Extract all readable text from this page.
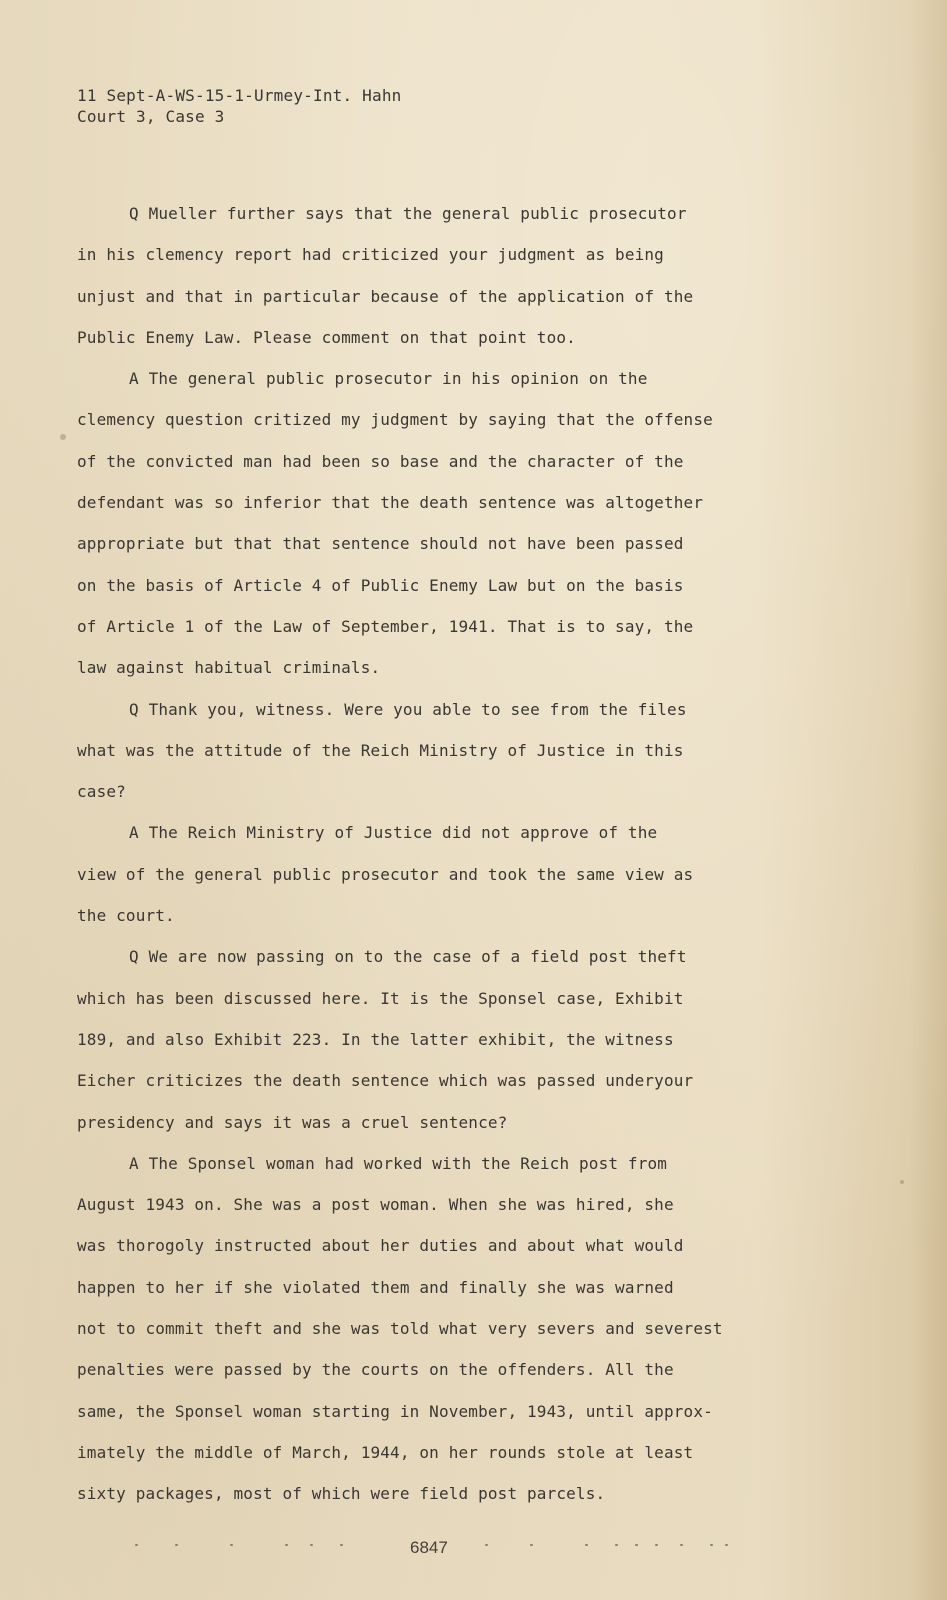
11 Sept-A-WS-15-1-Urmey-Int. Hahn
Court 3, Case 3
Q Mueller further says that the general public prosecutor
in his clemency report had criticized your judgment as being
unjust and that in particular because of the application of the
Public Enemy Law. Please comment on that point too.
A The general public prosecutor in his opinion on the
clemency question critized my judgment by saying that the offense
of the convicted man had been so base and the character of the
defendant was so inferior that the death sentence was altogether
appropriate but that that sentence should not have been passed
on the basis of Article 4 of Public Enemy Law but on the basis
of Article 1 of the Law of September, 1941. That is to say, the
law against habitual criminals.
Q Thank you, witness. Were you able to see from the files
what was the attitude of the Reich Ministry of Justice in this
case?
A The Reich Ministry of Justice did not approve of the
view of the general public prosecutor and took the same view as
the court.
Q We are now passing on to the case of a field post theft
which has been discussed here. It is the Sponsel case, Exhibit
189, and also Exhibit 223. In the latter exhibit, the witness
Eicher criticizes the death sentence which was passed underyour
presidency and says it was a cruel sentence?
A The Sponsel woman had worked with the Reich post from
August 1943 on. She was a post woman. When she was hired, she
was thorogoly instructed about her duties and about what would
happen to her if she violated them and finally she was warned
not to commit theft and she was told what very severs and severest
penalties were passed by the courts on the offenders. All the
same, the Sponsel woman starting in November, 1943, until approx-
imately the middle of March, 1944, on her rounds stole at least
sixty packages, most of which were field post parcels.
6847
